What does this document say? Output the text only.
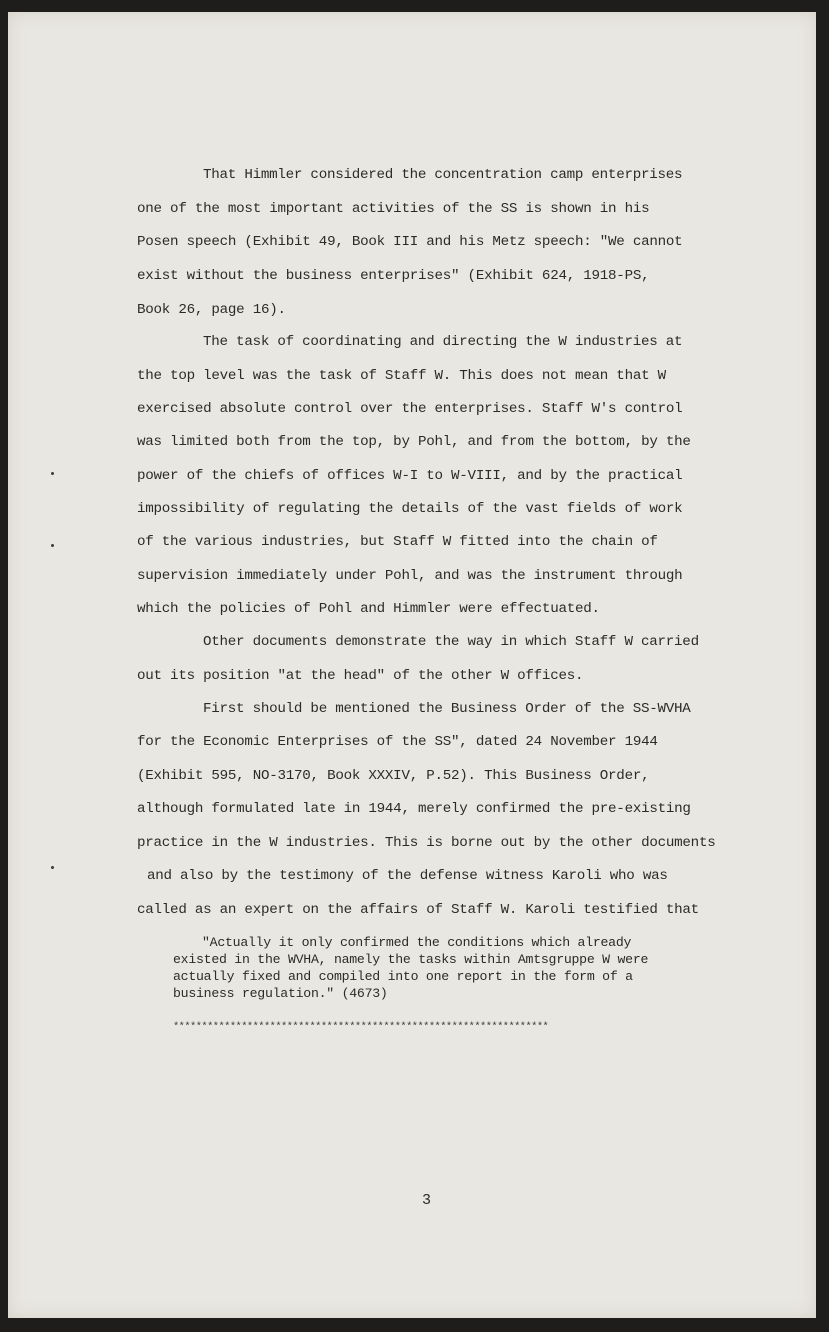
That Himmler considered the concentration camp enterprises

one of the most important activities of the SS is shown in his

Posen speech (Exhibit 49, Book III and his Metz speech: "We cannot

exist without the business enterprises" (Exhibit 624, 1918-PS,

Book 26, page 16).

The task of coordinating and directing the W industries at

the top level was the task of Staff W. This does not mean that W

exercised absolute control over the enterprises. Staff W's control

was limited both from the top, by Pohl, and from the bottom, by the

power of the chiefs of offices W-I to W-VIII, and by the practical

impossibility of regulating the details of the vast fields of work

of the various industries, but Staff W fitted into the chain of

supervision immediately under Pohl, and was the instrument through

which the policies of Pohl and Himmler were effectuated.

Other documents demonstrate the way in which Staff W carried

out its position "at the head" of the other W offices.

First should be mentioned the Business Order of the SS-WVHA

for the Economic Enterprises of the SS", dated 24 November 1944

(Exhibit 595, NO-3170, Book XXXIV, P.52). This Business Order,

although formulated late in 1944, merely confirmed the pre-existing

practice in the W industries. This is borne out by the other documents

and also by the testimony of the defense witness Karoli who was

called as an expert on the affairs of Staff W. Karoli testified that

"Actually it only confirmed the conditions which already

existed in the WVHA, namely the tasks within Amtsgruppe W were

actually fixed and compiled into one report in the form of a

business regulation." (4673)

******************************************************************

3
